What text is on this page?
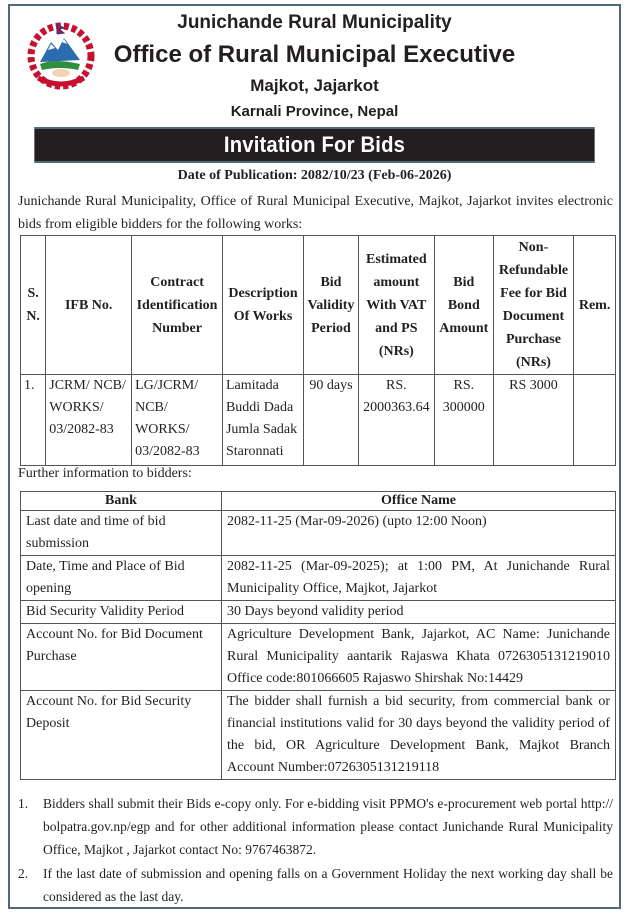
Junichande Rural Municipality
Office of Rural Municipal Executive
Majkot, Jajarkot
Karnali Province, Nepal
Invitation For Bids
Date of Publication: 2082/10/23 (Feb-06-2026)
Junichande Rural Municipality, Office of Rural Municipal Executive, Majkot, Jajarkot invites electronic bids from eligible bidders for the following works:
S. N.	IFB No.	Contract Identification Number	Description Of Works	Bid Validity Period	Estimated amount With VAT and PS (NRs)	Bid Bond Amount	Non-Refundable Fee for Bid Document Purchase (NRs)	Rem.
1.	JCRM/ NCB/ WORKS/ 03/2082-83	LG/JCRM/ NCB/ WORKS/ 03/2082-83	Lamitada Buddi Dada Jumla Sadak Staronnati	90 days	RS. 2000363.64	RS. 300000	RS 3000	
Further information to bidders:
Bank	Office Name
Last date and time of bid submission	2082-11-25 (Mar-09-2026) (upto 12:00 Noon)
Date, Time and Place of Bid opening	2082-11-25 (Mar-09-2025); at 1:00 PM, At Junichande Rural Municipality Office, Majkot, Jajarkot
Bid Security Validity Period	30 Days beyond validity period
Account No. for Bid Document Purchase	Agriculture Development Bank, Jajarkot, AC Name: Junichande Rural Municipality aantarik Rajaswa Khata 0726305131219010 Office code:801066605 Rajaswo Shirshak No:14429
Account No. for Bid Security Deposit	The bidder shall furnish a bid security, from commercial bank or financial institutions valid for 30 days beyond the validity period of the bid, OR Agriculture Development Bank, Majkot Branch Account Number:0726305131219118
1.	Bidders shall submit their Bids e-copy only. For e-bidding visit PPMO's e-procurement web portal http:// bolpatra.gov.np/egp and for other additional information please contact Junichande Rural Municipality Office, Majkot , Jajarkot contact No: 9767463872.
2.	If the last date of submission and opening falls on a Government Holiday the next working day shall be considered as the last day.
